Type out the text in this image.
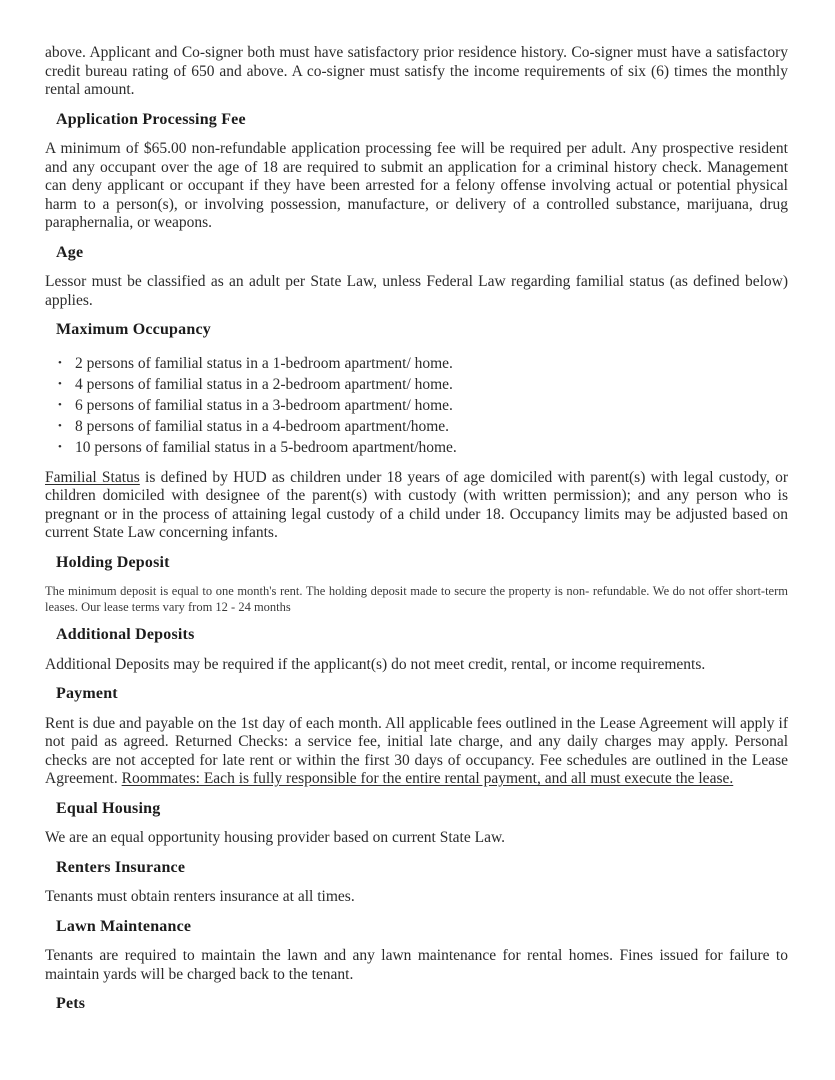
above. Applicant and Co-signer both must have satisfactory prior residence history. Co-signer must have a satisfactory credit bureau rating of 650 and above. A co-signer must satisfy the income requirements of six (6) times the monthly rental amount.

Application Processing Fee

A minimum of $65.00 non-refundable application processing fee will be required per adult. Any prospective resident and any occupant over the age of 18 are required to submit an application for a criminal history check. Management can deny applicant or occupant if they have been arrested for a felony offense involving actual or potential physical harm to a person(s), or involving possession, manufacture, or delivery of a controlled substance, marijuana, drug paraphernalia, or weapons.

Age

Lessor must be classified as an adult per State Law, unless Federal Law regarding familial status (as defined below) applies.

Maximum Occupancy
• 2 persons of familial status in a 1-bedroom apartment/ home.
• 4 persons of familial status in a 2-bedroom apartment/ home.
• 6 persons of familial status in a 3-bedroom apartment/ home.
• 8 persons of familial status in a 4-bedroom apartment/home.
• 10 persons of familial status in a 5-bedroom apartment/home.

Familial Status is defined by HUD as children under 18 years of age domiciled with parent(s) with legal custody, or children domiciled with designee of the parent(s) with custody (with written permission); and any person who is pregnant or in the process of attaining legal custody of a child under 18. Occupancy limits may be adjusted based on current State Law concerning infants.

Holding Deposit

The minimum deposit is equal to one month's rent. The holding deposit made to secure the property is non- refundable. We do not offer short-term leases. Our lease terms vary from 12 - 24 months

Additional Deposits

Additional Deposits may be required if the applicant(s) do not meet credit, rental, or income requirements.

Payment

Rent is due and payable on the 1st day of each month. All applicable fees outlined in the Lease Agreement will apply if not paid as agreed. Returned Checks: a service fee, initial late charge, and any daily charges may apply. Personal checks are not accepted for late rent or within the first 30 days of occupancy. Fee schedules are outlined in the Lease Agreement. Roommates: Each is fully responsible for the entire rental payment, and all must execute the lease.

Equal Housing

We are an equal opportunity housing provider based on current State Law.

Renters Insurance

Tenants must obtain renters insurance at all times.

Lawn Maintenance

Tenants are required to maintain the lawn and any lawn maintenance for rental homes. Fines issued for failure to maintain yards will be charged back to the tenant.

Pets
